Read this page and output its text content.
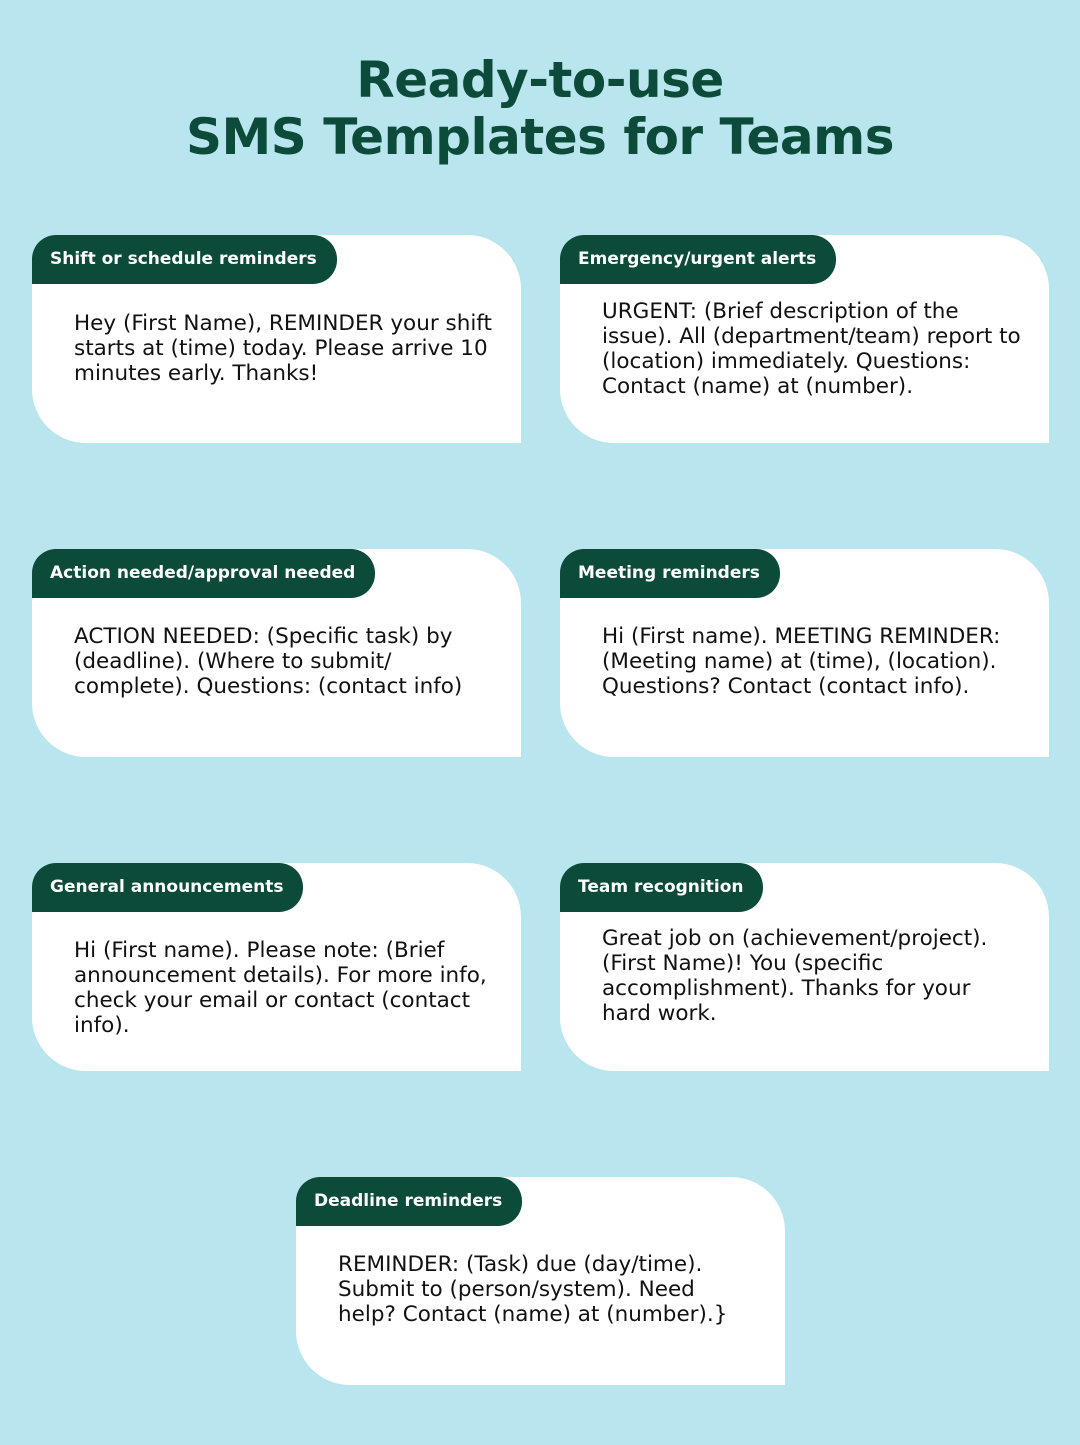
Ready-to-use
SMS Templates for Teams
Shift or schedule reminders
Hey (First Name), REMINDER your shift starts at (time) today. Please arrive 10 minutes early. Thanks!
Emergency/urgent alerts
URGENT: (Brief description of the issue). All (department/team) report to (location) immediately. Questions: Contact (name) at (number).
Action needed/approval needed
ACTION NEEDED: (Specific task) by (deadline). (Where to submit/ complete). Questions: (contact info)
Meeting reminders
Hi (First name). MEETING REMINDER: (Meeting name) at (time), (location). Questions? Contact (contact info).
General announcements
Hi (First name). Please note: (Brief announcement details). For more info, check your email or contact (contact info).
Team recognition
Great job on (achievement/project). (First Name)! You (specific accomplishment). Thanks for your hard work.
Deadline reminders
REMINDER: (Task) due (day/time). Submit to (person/system). Need help? Contact (name) at (number).}
